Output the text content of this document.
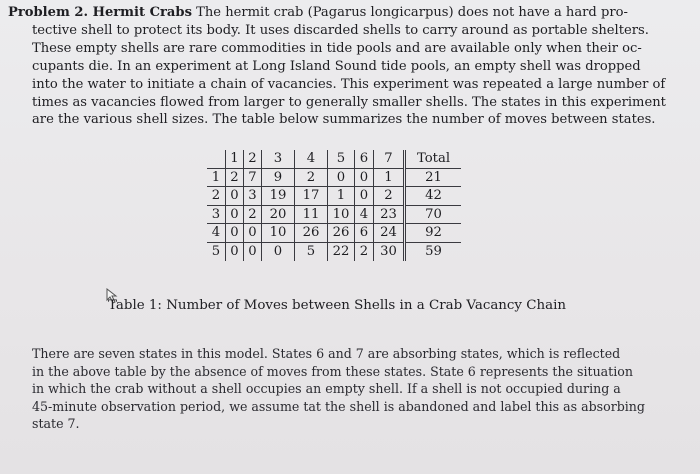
Problem 2. Hermit Crabs The hermit crab (Pagarus longicarpus) does not have a hard pro-
tective shell to protect its body. It uses discarded shells to carry around as portable shelters.
These empty shells are rare commodities in tide pools and are available only when their oc-
cupants die. In an experiment at Long Island Sound tide pools, an empty shell was dropped
into the water to initiate a chain of vacancies. This experiment was repeated a large number of
times as vacancies flowed from larger to generally smaller shells. The states in this experiment
are the various shell sizes. The table below summarizes the number of moves between states.
	1	2	3	4	5	6	7	Total
1	2	7	9	2	0	0	1	21
2	0	3	19	17	1	0	2	42
3	0	2	20	11	10	4	23	70
4	0	0	10	26	26	6	24	92
5	0	0	0	5	22	2	30	59
Table 1: Number of Moves between Shells in a Crab Vacancy Chain
There are seven states in this model. States 6 and 7 are absorbing states, which is reflected
in the above table by the absence of moves from these states. State 6 represents the situation
in which the crab without a shell occupies an empty shell. If a shell is not occupied during a
45-minute observation period, we assume tat the shell is abandoned and label this as absorbing
state 7.
